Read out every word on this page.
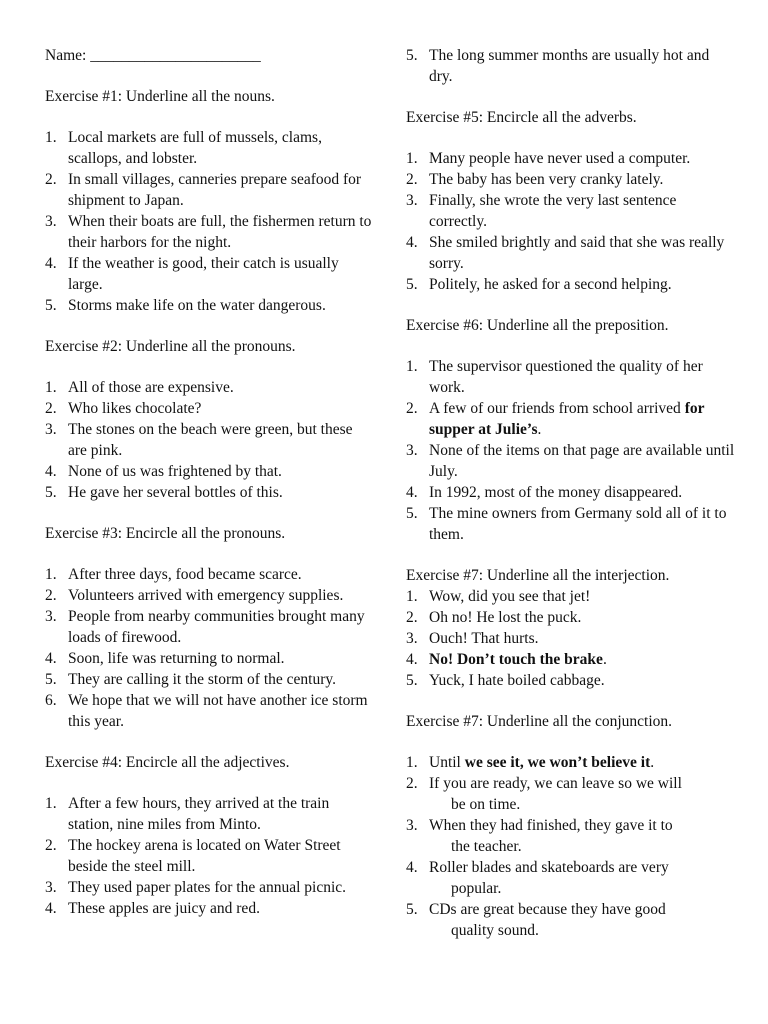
Name: ______________________
Exercise #1: Underline all the nouns.
1. Local markets are full of mussels, clams, scallops, and lobster.
2. In small villages, canneries prepare seafood for shipment to Japan.
3. When their boats are full, the fishermen return to their harbors for the night.
4. If the weather is good, their catch is usually large.
5. Storms make life on the water dangerous.
Exercise #2: Underline all the pronouns.
1. All of those are expensive.
2. Who likes chocolate?
3. The stones on the beach were green, but these are pink.
4. None of us was frightened by that.
5. He gave her several bottles of this.
Exercise #3: Encircle all the pronouns.
1. After three days, food became scarce.
2. Volunteers arrived with emergency supplies.
3. People from nearby communities brought many loads of firewood.
4. Soon, life was returning to normal.
5. They are calling it the storm of the century.
6. We hope that we will not have another ice storm this year.
Exercise #4: Encircle all the adjectives.
1. After a few hours, they arrived at the train station, nine miles from Minto.
2. The hockey arena is located on Water Street beside the steel mill.
3. They used paper plates for the annual picnic.
4. These apples are juicy and red.
5. The long summer months are usually hot and dry.
Exercise #5: Encircle all the adverbs.
1. Many people have never used a computer.
2. The baby has been very cranky lately.
3. Finally, she wrote the very last sentence correctly.
4. She smiled brightly and said that she was really sorry.
5. Politely, he asked for a second helping.
Exercise #6: Underline all the preposition.
1. The supervisor questioned the quality of her work.
2. A few of our friends from school arrived for supper at Julie’s.
3. None of the items on that page are available until July.
4. In 1992, most of the money disappeared.
5. The mine owners from Germany sold all of it to them.
Exercise #7: Underline all the interjection.
1. Wow, did you see that jet!
2. Oh no! He lost the puck.
3. Ouch! That hurts.
4. No! Don’t touch the brake.
5. Yuck, I hate boiled cabbage.
Exercise #7: Underline all the conjunction.
1. Until we see it, we won’t believe it.
2. If you are ready, we can leave so we will
be on time.
3. When they had finished, they gave it to
the teacher.
4. Roller blades and skateboards are very
popular.
5. CDs are great because they have good
quality sound.
